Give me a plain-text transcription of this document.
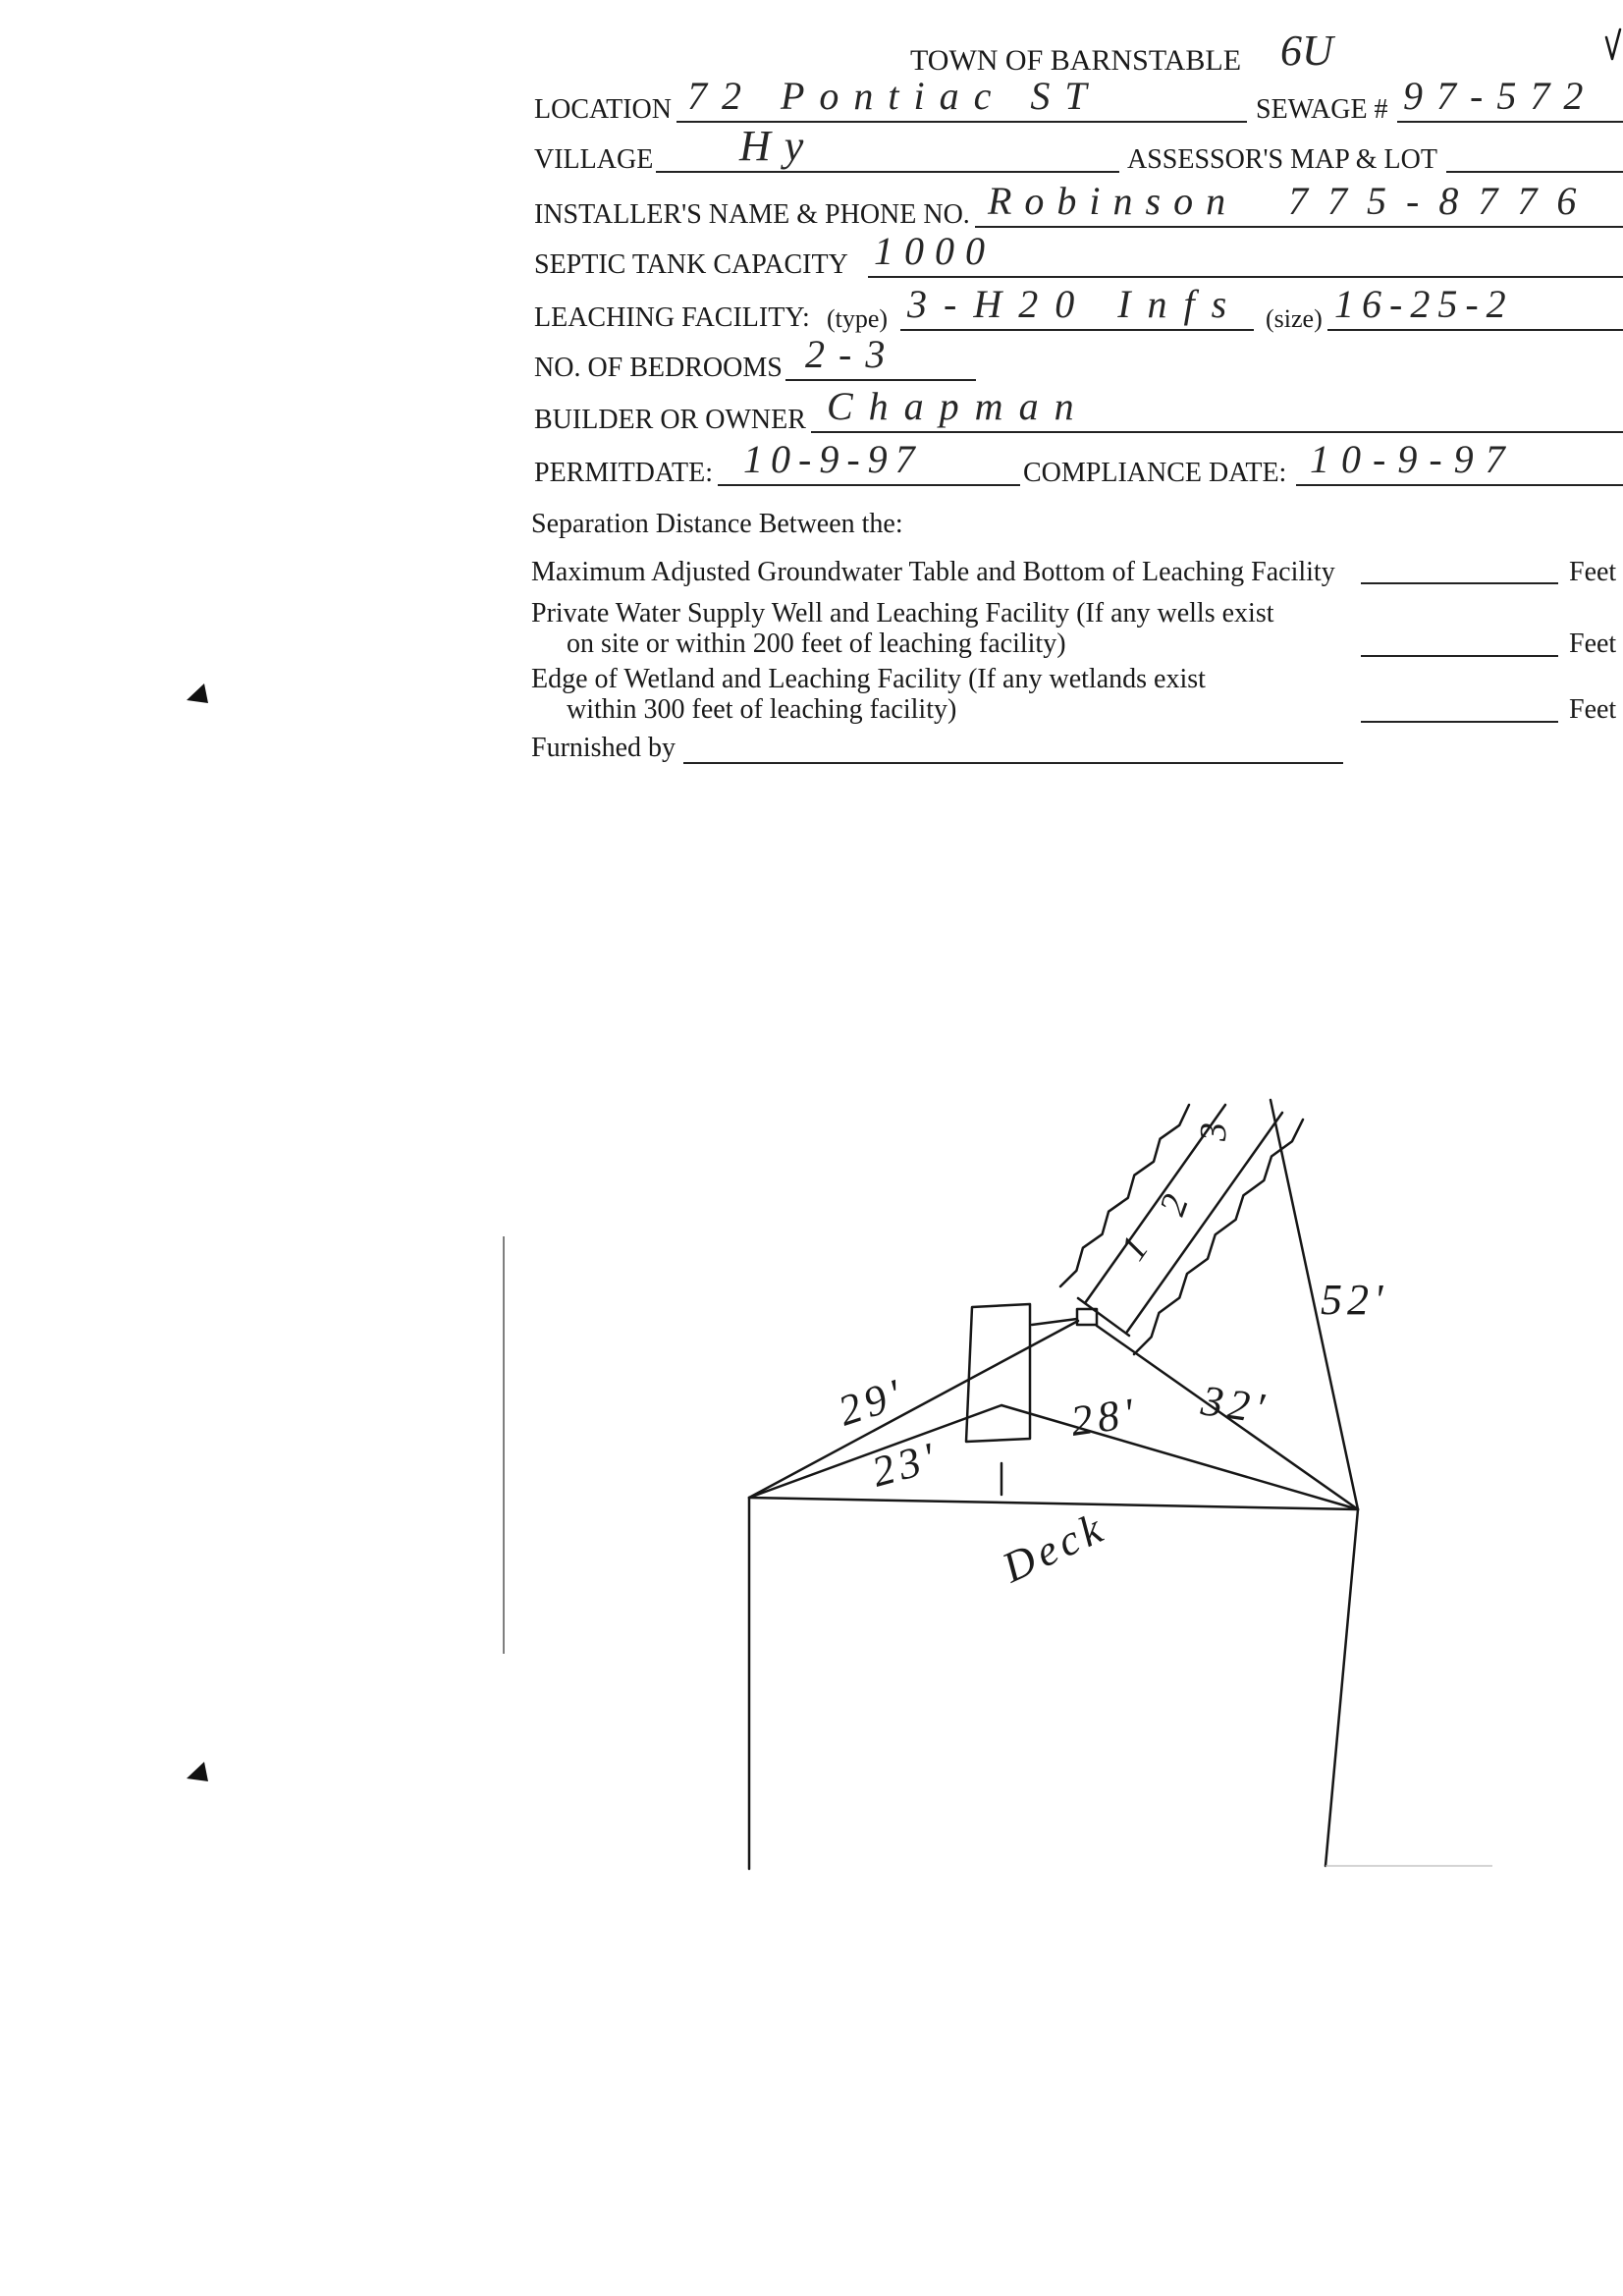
TOWN OF BARNSTABLE 6U
LOCATION 72 Pontiac ST	SEWAGE # 97-572
VILLAGE Hy	ASSESSOR'S MAP & LOT
INSTALLER'S NAME & PHONE NO. Robinson 775-8776
SEPTIC TANK CAPACITY 1000
LEACHING FACILITY: (type) 3-H20 Infs (size) 16-25-2
NO. OF BEDROOMS 2-3
BUILDER OR OWNER Chapman
PERMITDATE: 10-9-97	COMPLIANCE DATE: 10-9-97
Separation Distance Between the:
Maximum Adjusted Groundwater Table and Bottom of Leaching Facility	Feet
Private Water Supply Well and Leaching Facility (If any wells exist
on site or within 200 feet of leaching facility)	Feet
Edge of Wetland and Leaching Facility (If any wetlands exist
within 300 feet of leaching facility)	Feet
Furnished by
29'
23'
28' 32'
52'
Deck
1
2
3
